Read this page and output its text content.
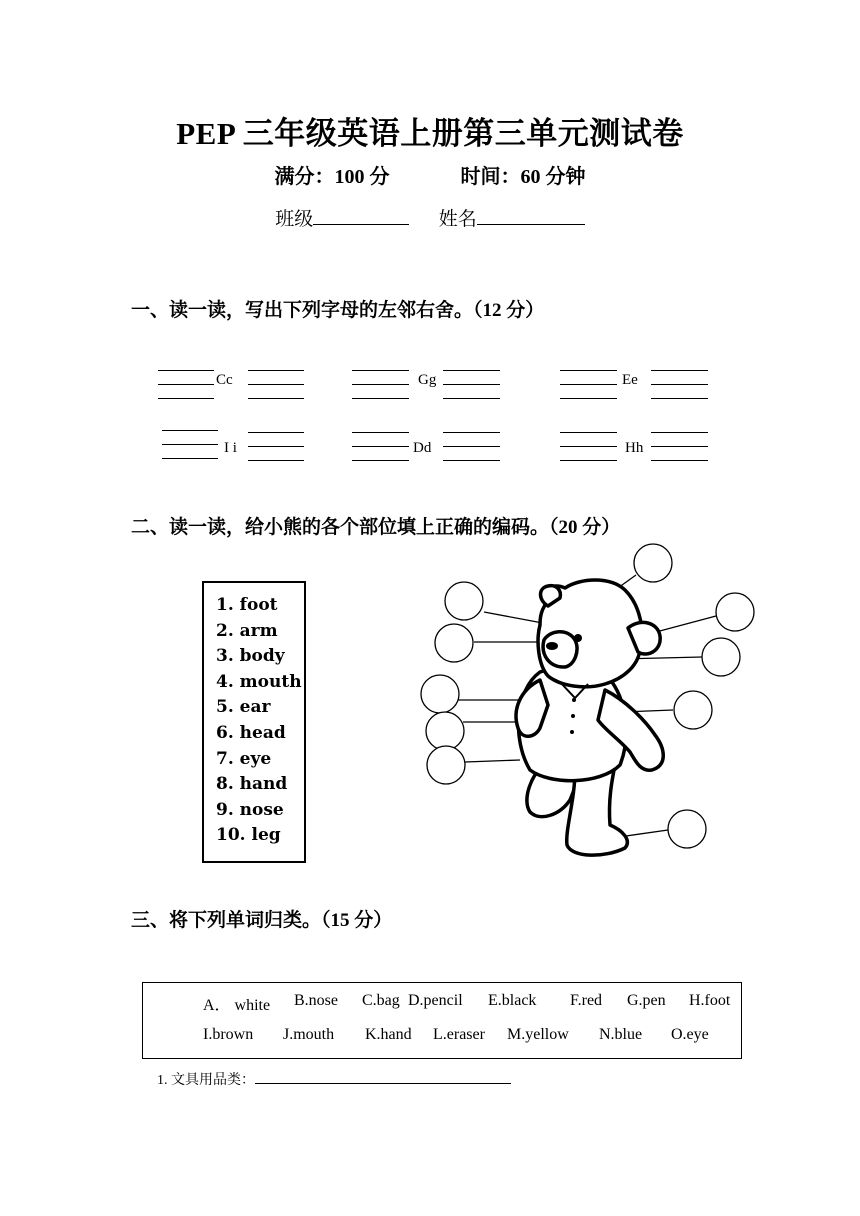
PEP 三年级英语上册第三单元测试卷
满分：100 分	时间：60 分钟
班级	姓名
一、读一读，写出下列字母的左邻右舍。（12 分）
Cc	Gg	Ee
I i	Dd	Hh
二、读一读，给小熊的各个部位填上正确的编码。（20 分）
1. foot
2. arm
3. body
4. mouth
5. ear
6. head
7. eye
8. hand
9. nose
10. leg
三、将下列单词归类。（15 分）
A． white B.nose C.bag D.pencil E.black F.red G.pen H.foot
I.brown J.mouth K.hand L.eraser M.yellow N.blue O.eye
1. 文具用品类：
